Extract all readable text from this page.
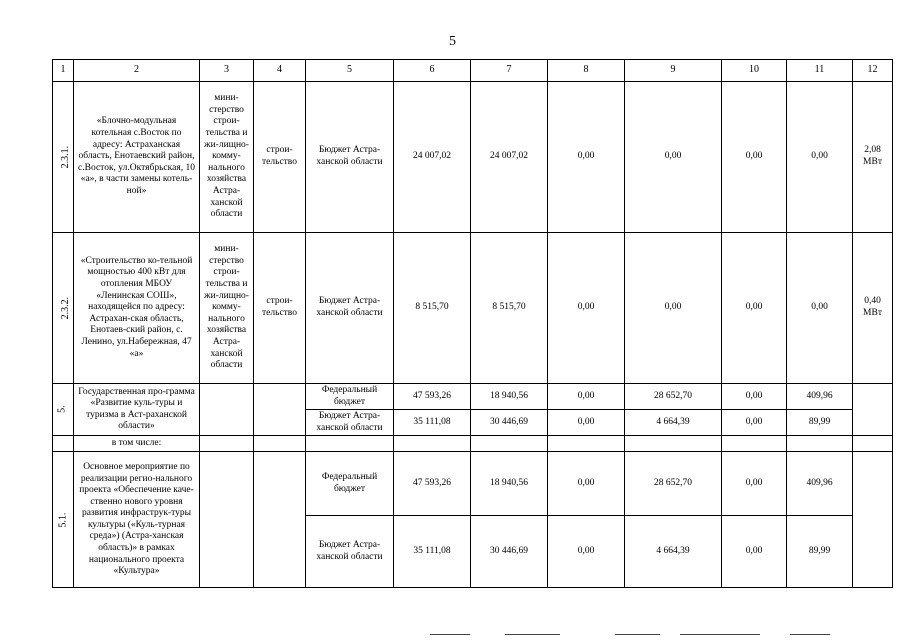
5
1	2	3	4	5	6	7	8	9	10	11	12
2.3.1.	«Блочно-модульная котельная с.Восток по адресу: Астраханская область, Енотаевский район, с.Восток, ул.Октябрьская, 10 «а», в части замены котель-ной»	мини-стерство строи-тельства и жи-лищно-комму-нального хозяйства Астра-ханской области	строи-тельство	Бюджет Астра-ханской области	24 007,02	24 007,02	0,00	0,00	0,00	0,00	2,08 МВт
2.3.2.	«Строительство ко-тельной мощностью 400 кВт для отопления МБОУ «Ленинская СОШ», находящейся по адресу: Астрахан-ская область, Енотаев-ский район, с. Ленино, ул.Набережная, 47 «а»	мини-стерство строи-тельства и жи-лищно-комму-нального хозяйства Астра-ханской области	строи-тельство	Бюджет Астра-ханской области	8 515,70	8 515,70	0,00	0,00	0,00	0,00	0,40 МВт
5.	Государственная про-грамма «Развитие куль-туры и туризма в Аст-раханской области»			Федеральный бюджет	47 593,26	18 940,56	0,00	28 652,70	0,00	409,96	
				Бюджет Астра-ханской области	35 111,08	30 446,69	0,00	4 664,39	0,00	89,99	
	в том числе:										
5.1.	Основное мероприятие по реализации регио-нального проекта «Обеспечение каче-ственно нового уровня развития инфраструк-туры культуры («Куль-турная среда») (Астра-ханская область)» в рамках национального проекта «Культура»			Федеральный бюджет	47 593,26	18 940,56	0,00	28 652,70	0,00	409,96	
				Бюджет Астра-ханской области	35 111,08	30 446,69	0,00	4 664,39	0,00	89,99	
